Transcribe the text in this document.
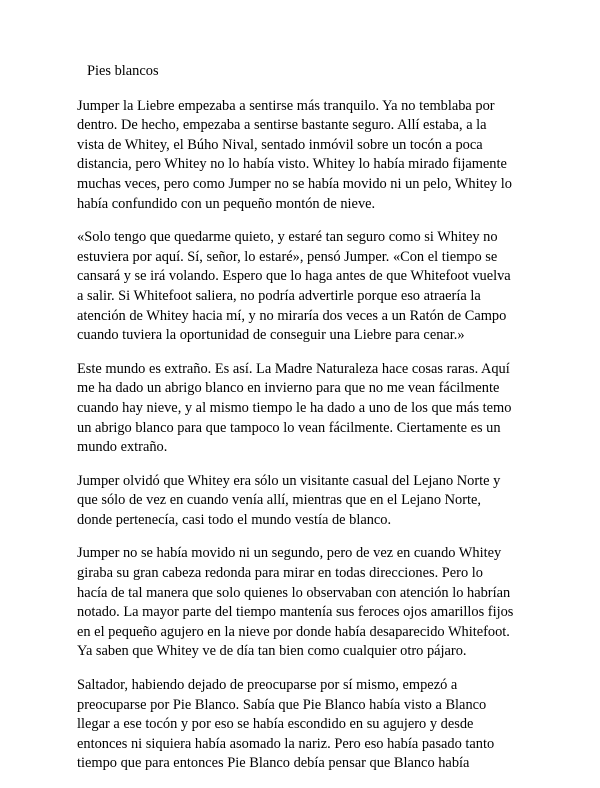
Pies blancos

Jumper la Liebre empezaba a sentirse más tranquilo. Ya no temblaba por
dentro. De hecho, empezaba a sentirse bastante seguro. Allí estaba, a la
vista de Whitey, el Búho Nival, sentado inmóvil sobre un tocón a poca
distancia, pero Whitey no lo había visto. Whitey lo había mirado fijamente
muchas veces, pero como Jumper no se había movido ni un pelo, Whitey lo
había confundido con un pequeño montón de nieve.

«Solo tengo que quedarme quieto, y estaré tan seguro como si Whitey no
estuviera por aquí. Sí, señor, lo estaré», pensó Jumper. «Con el tiempo se
cansará y se irá volando. Espero que lo haga antes de que Whitefoot vuelva
a salir. Si Whitefoot saliera, no podría advertirle porque eso atraería la
atención de Whitey hacia mí, y no miraría dos veces a un Ratón de Campo
cuando tuviera la oportunidad de conseguir una Liebre para cenar.»

Este mundo es extraño. Es así. La Madre Naturaleza hace cosas raras. Aquí
me ha dado un abrigo blanco en invierno para que no me vean fácilmente
cuando hay nieve, y al mismo tiempo le ha dado a uno de los que más temo
un abrigo blanco para que tampoco lo vean fácilmente. Ciertamente es un
mundo extraño.

Jumper olvidó que Whitey era sólo un visitante casual del Lejano Norte y
que sólo de vez en cuando venía allí, mientras que en el Lejano Norte,
donde pertenecía, casi todo el mundo vestía de blanco.

Jumper no se había movido ni un segundo, pero de vez en cuando Whitey
giraba su gran cabeza redonda para mirar en todas direcciones. Pero lo
hacía de tal manera que solo quienes lo observaban con atención lo habrían
notado. La mayor parte del tiempo mantenía sus feroces ojos amarillos fijos
en el pequeño agujero en la nieve por donde había desaparecido Whitefoot.
Ya saben que Whitey ve de día tan bien como cualquier otro pájaro.

Saltador, habiendo dejado de preocuparse por sí mismo, empezó a
preocuparse por Pie Blanco. Sabía que Pie Blanco había visto a Blanco
llegar a ese tocón y por eso se había escondido en su agujero y desde
entonces ni siquiera había asomado la nariz. Pero eso había pasado tanto
tiempo que para entonces Pie Blanco debía pensar que Blanco había
